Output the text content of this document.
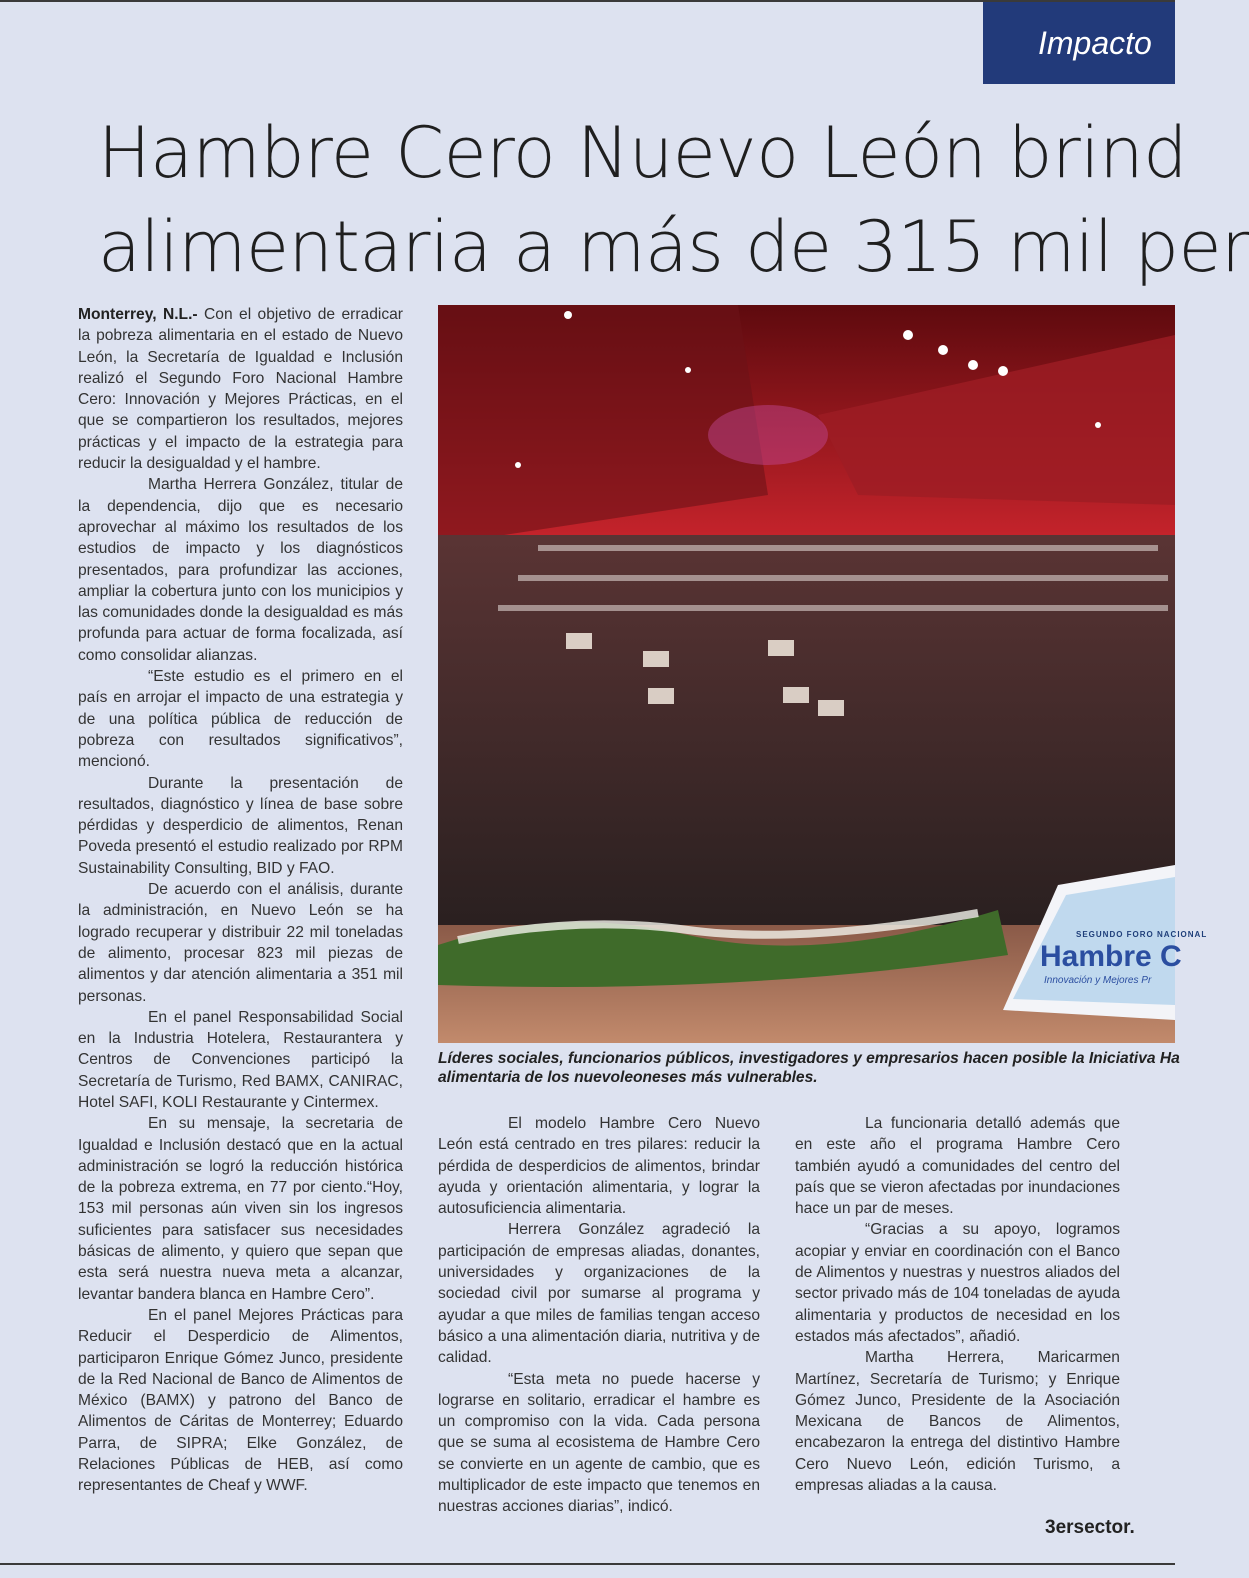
Impacto
Hambre Cero Nuevo León brind
alimentaria a más de 315 mil per

Monterrey, N.L.- Con el objetivo de erradicar la pobreza alimentaria en el estado de Nuevo León, la Secretaría de Igualdad e Inclusión realizó el Segundo Foro Nacional Hambre Cero: Innovación y Mejores Prácticas, en el que se compartieron los resultados, mejores prácticas y el impacto de la estrategia para reducir la desigualdad y el hambre.

Martha Herrera González, titular de la dependencia, dijo que es necesario aprovechar al máximo los resultados de los estudios de impacto y los diagnósticos presentados, para profundizar las acciones, ampliar la cobertura junto con los municipios y las comunidades donde la desigualdad es más profunda para actuar de forma focalizada, así como consolidar alianzas.

“Este estudio es el primero en el país en arrojar el impacto de una estrategia y de una política pública de reducción de pobreza con resultados significativos”, mencionó.

Durante la presentación de resultados, diagnóstico y línea de base sobre pérdidas y desperdicio de alimentos, Renan Poveda presentó el estudio realizado por RPM Sustainability Consulting, BID y FAO.

De acuerdo con el análisis, durante la administración, en Nuevo León se ha logrado recuperar y distribuir 22 mil toneladas de alimento, procesar 823 mil piezas de alimentos y dar atención alimentaria a 351 mil personas.

En el panel Responsabilidad Social en la Industria Hotelera, Restaurantera y Centros de Convenciones participó la Secretaría de Turismo, Red BAMX, CANIRAC, Hotel SAFI, KOLI Restaurante y Cintermex.

En su mensaje, la secretaria de Igualdad e Inclusión destacó que en la actual administración se logró la reducción histórica de la pobreza extrema, en 77 por ciento.“Hoy, 153 mil personas aún viven sin los ingresos suficientes para satisfacer sus necesidades básicas de alimento, y quiero que sepan que esta será nuestra nueva meta a alcanzar, levantar bandera blanca en Hambre Cero”.

En el panel Mejores Prácticas para Reducir el Desperdicio de Alimentos, participaron Enrique Gómez Junco, presidente de la Red Nacional de Banco de Alimentos de México (BAMX) y patrono del Banco de Alimentos de Cáritas de Monterrey; Eduardo Parra, de SIPRA; Elke González, de Relaciones Públicas de HEB, así como representantes de Cheaf y WWF.

SEGUNDO FORO NACIONAL
Hambre C
Innovación y Mejores Pr
Líderes sociales, funcionarios públicos, investigadores y empresarios hacen posible la Iniciativa Ha
alimentaria de los nuevoleoneses más vulnerables.

El modelo Hambre Cero Nuevo León está centrado en tres pilares: reducir la pérdida de desperdicios de alimentos, brindar ayuda y orientación alimentaria, y lograr la autosuficiencia alimentaria.

Herrera González agradeció la participación de empresas aliadas, donantes, universidades y organizaciones de la sociedad civil por sumarse al programa y ayudar a que miles de familias tengan acceso básico a una alimentación diaria, nutritiva y de calidad.

“Esta meta no puede hacerse y lograrse en solitario, erradicar el hambre es un compromiso con la vida. Cada persona que se suma al ecosistema de Hambre Cero se convierte en un agente de cambio, que es multiplicador de este impacto que tenemos en nuestras acciones diarias”, indicó.

La funcionaria detalló además que en este año el programa Hambre Cero también ayudó a comunidades del centro del país que se vieron afectadas por inundaciones hace un par de meses.

“Gracias a su apoyo, logramos acopiar y enviar en coordinación con el Banco de Alimentos y nuestras y nuestros aliados del sector privado más de 104 toneladas de ayuda alimentaria y productos de necesidad en los estados más afectados”, añadió.

Martha Herrera, Maricarmen Martínez, Secretaría de Turismo; y Enrique Gómez Junco, Presidente de la Asociación Mexicana de Bancos de Alimentos, encabezaron la entrega del distintivo Hambre Cero Nuevo León, edición Turismo, a empresas aliadas a la causa.

3ersector.
